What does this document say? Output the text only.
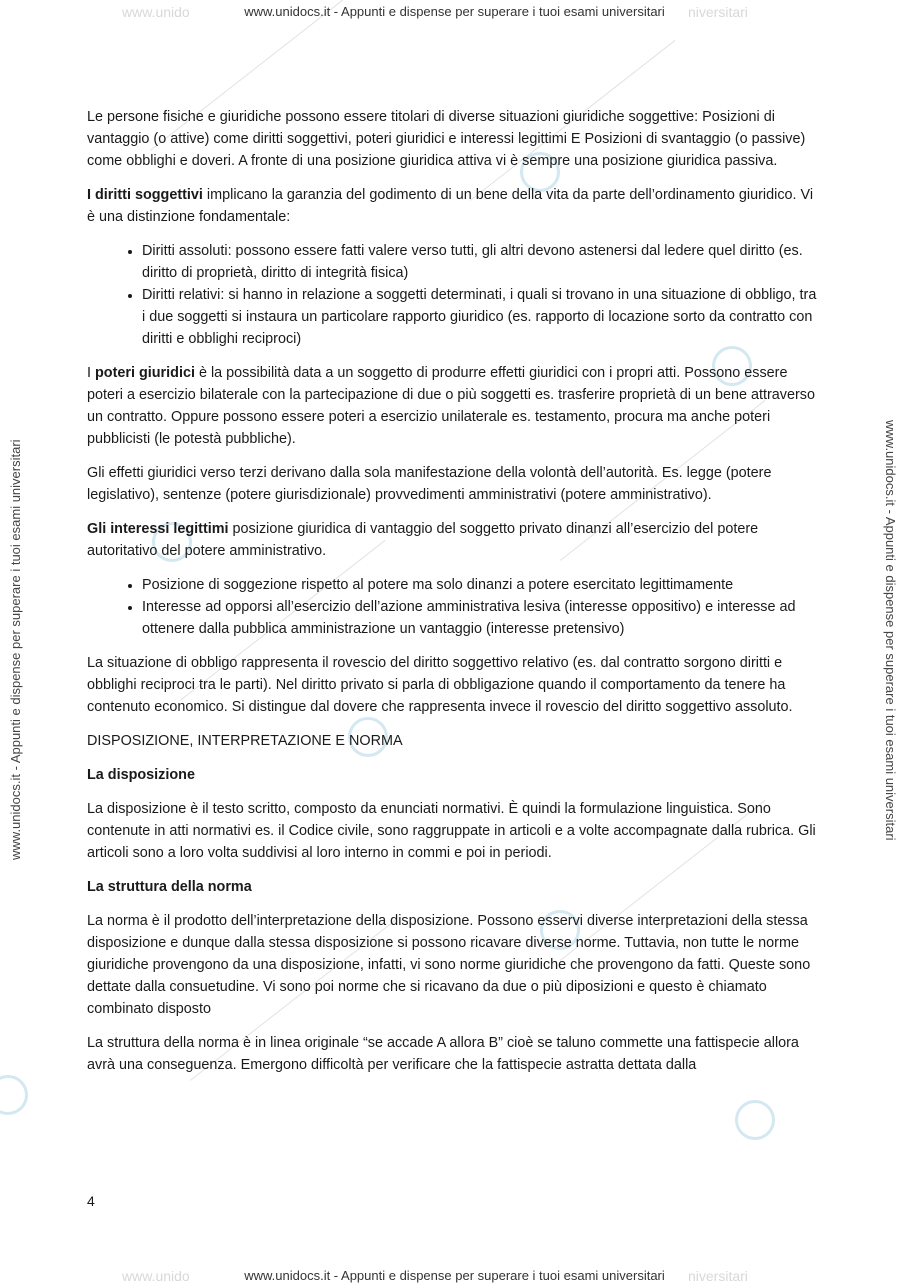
www.unido	niversitari
www.unido	niversitari
www.unidocs.it - Appunti e dispense per superare i tuoi esami universitari
www.unidocs.it - Appunti e dispense per superare i tuoi esami universitari
www.unidocs.it - Appunti e dispense per superare i tuoi esami universitari	www.unidocs.it - Appunti e dispense per superare i tuoi esami universitari

Le persone fisiche e giuridiche possono essere titolari di diverse situazioni giuridiche soggettive: Posizioni di vantaggio (o attive) come diritti soggettivi, poteri giuridici e interessi legittimi E Posizioni di svantaggio (o passive) come obblighi e doveri. A fronte di una posizione giuridica attiva vi è sempre una posizione giuridica passiva.

I diritti soggettivi implicano la garanzia del godimento di un bene della vita da parte dell’ordinamento giuridico. Vi è una distinzione fondamentale:

• Diritti assoluti: possono essere fatti valere verso tutti, gli altri devono astenersi dal ledere quel diritto (es. diritto di proprietà, diritto di integrità fisica)
• Diritti relativi: si hanno in relazione a soggetti determinati, i quali si trovano in una situazione di obbligo, tra i due soggetti si instaura un particolare rapporto giuridico (es. rapporto di locazione sorto da contratto con diritti e obblighi reciproci)

I poteri giuridici è la possibilità data a un soggetto di produrre effetti giuridici con i propri atti. Possono essere poteri a esercizio bilaterale con la partecipazione di due o più soggetti es. trasferire proprietà di un bene attraverso un contratto. Oppure possono essere poteri a esercizio unilaterale es. testamento, procura ma anche poteri pubblicisti (le potestà pubbliche).

Gli effetti giuridici verso terzi derivano dalla sola manifestazione della volontà dell’autorità. Es. legge (potere legislativo), sentenze (potere giurisdizionale) provvedimenti amministrativi (potere amministrativo).

Gli interessi legittimi posizione giuridica di vantaggio del soggetto privato dinanzi all’esercizio del potere autoritativo del potere amministrativo.

• Posizione di soggezione rispetto al potere ma solo dinanzi a potere esercitato legittimamente
• Interesse ad opporsi all’esercizio dell’azione amministrativa lesiva (interesse oppositivo) e interesse ad ottenere dalla pubblica amministrazione un vantaggio (interesse pretensivo)

La situazione di obbligo rappresenta il rovescio del diritto soggettivo relativo (es. dal contratto sorgono diritti e obblighi reciproci tra le parti). Nel diritto privato si parla di obbligazione quando il comportamento da tenere ha contenuto economico. Si distingue dal dovere che rappresenta invece il rovescio del diritto soggettivo assoluto.

DISPOSIZIONE, INTERPRETAZIONE E NORMA

La disposizione

La disposizione è il testo scritto, composto da enunciati normativi. È quindi la formulazione linguistica. Sono contenute in atti normativi es. il Codice civile, sono raggruppate in articoli e a volte accompagnate dalla rubrica. Gli articoli sono a loro volta suddivisi al loro interno in commi e poi in periodi.

La struttura della norma

La norma è il prodotto dell’interpretazione della disposizione. Possono esservi diverse interpretazioni della stessa disposizione e dunque dalla stessa disposizione si possono ricavare diverse norme. Tuttavia, non tutte le norme giuridiche provengono da una disposizione, infatti, vi sono norme giuridiche che provengono da fatti. Queste sono dettate dalla consuetudine. Vi sono poi norme che si ricavano da due o più diposizioni e questo è chiamato combinato disposto

La struttura della norma è in linea originale “se accade A allora B” cioè se taluno commette una fattispecie allora avrà una conseguenza. Emergono difficoltà per verificare che la fattispecie astratta dettata dalla

4
